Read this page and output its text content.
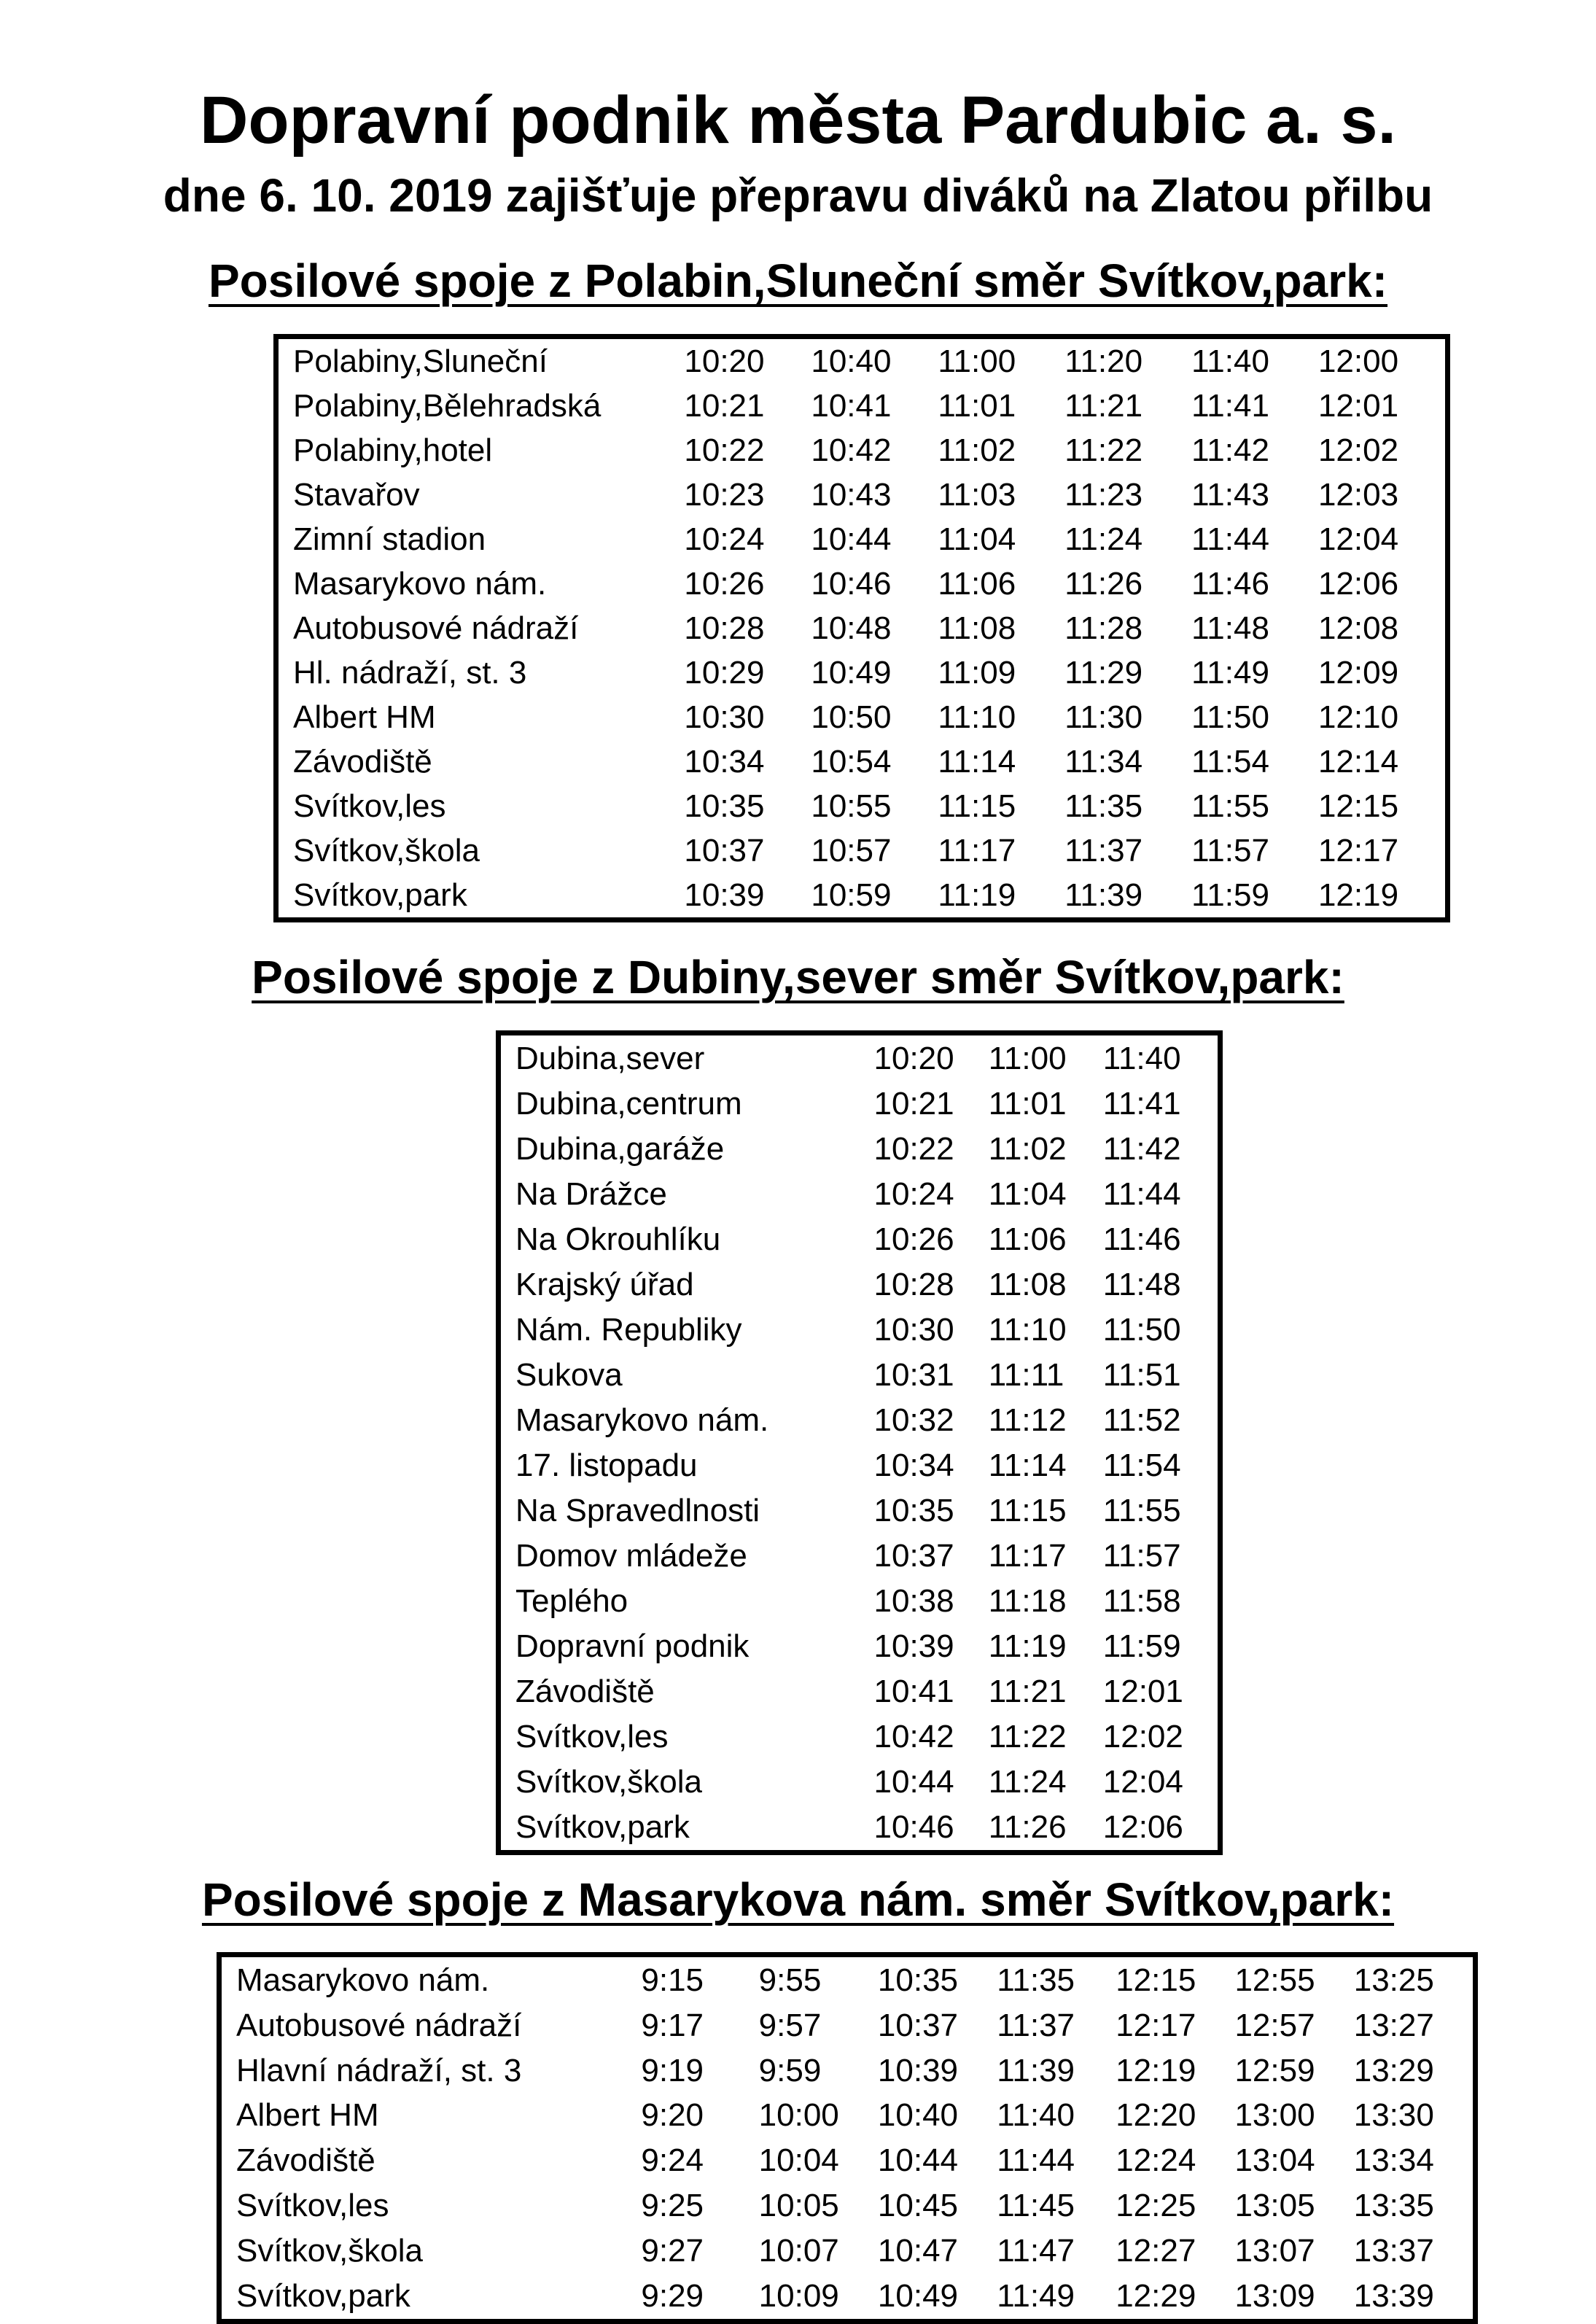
Dopravní podnik města Pardubic a. s.
dne 6. 10. 2019 zajišťuje přepravu diváků na Zlatou přilbu
Posilové spoje z Polabin,Sluneční směr Svítkov,park:
Polabiny,Sluneční	10:20	10:40	11:00	11:20	11:40	12:00
Polabiny,Bělehradská	10:21	10:41	11:01	11:21	11:41	12:01
Polabiny,hotel	10:22	10:42	11:02	11:22	11:42	12:02
Stavařov	10:23	10:43	11:03	11:23	11:43	12:03
Zimní stadion	10:24	10:44	11:04	11:24	11:44	12:04
Masarykovo nám.	10:26	10:46	11:06	11:26	11:46	12:06
Autobusové nádraží	10:28	10:48	11:08	11:28	11:48	12:08
Hl. nádraží, st. 3	10:29	10:49	11:09	11:29	11:49	12:09
Albert HM	10:30	10:50	11:10	11:30	11:50	12:10
Závodiště	10:34	10:54	11:14	11:34	11:54	12:14
Svítkov,les	10:35	10:55	11:15	11:35	11:55	12:15
Svítkov,škola	10:37	10:57	11:17	11:37	11:57	12:17
Svítkov,park	10:39	10:59	11:19	11:39	11:59	12:19
Posilové spoje z Dubiny,sever směr Svítkov,park:
Dubina,sever	10:20	11:00	11:40
Dubina,centrum	10:21	11:01	11:41
Dubina,garáže	10:22	11:02	11:42
Na Drážce	10:24	11:04	11:44
Na Okrouhlíku	10:26	11:06	11:46
Krajský úřad	10:28	11:08	11:48
Nám. Republiky	10:30	11:10	11:50
Sukova	10:31	11:11	11:51
Masarykovo nám.	10:32	11:12	11:52
17. listopadu	10:34	11:14	11:54
Na Spravedlnosti	10:35	11:15	11:55
Domov mládeže	10:37	11:17	11:57
Teplého	10:38	11:18	11:58
Dopravní podnik	10:39	11:19	11:59
Závodiště	10:41	11:21	12:01
Svítkov,les	10:42	11:22	12:02
Svítkov,škola	10:44	11:24	12:04
Svítkov,park	10:46	11:26	12:06
Posilové spoje z Masarykova nám. směr Svítkov,park:
Masarykovo nám.	9:15	9:55	10:35	11:35	12:15	12:55	13:25
Autobusové nádraží	9:17	9:57	10:37	11:37	12:17	12:57	13:27
Hlavní nádraží, st. 3	9:19	9:59	10:39	11:39	12:19	12:59	13:29
Albert HM	9:20	10:00	10:40	11:40	12:20	13:00	13:30
Závodiště	9:24	10:04	10:44	11:44	12:24	13:04	13:34
Svítkov,les	9:25	10:05	10:45	11:45	12:25	13:05	13:35
Svítkov,škola	9:27	10:07	10:47	11:47	12:27	13:07	13:37
Svítkov,park	9:29	10:09	10:49	11:49	12:29	13:09	13:39
